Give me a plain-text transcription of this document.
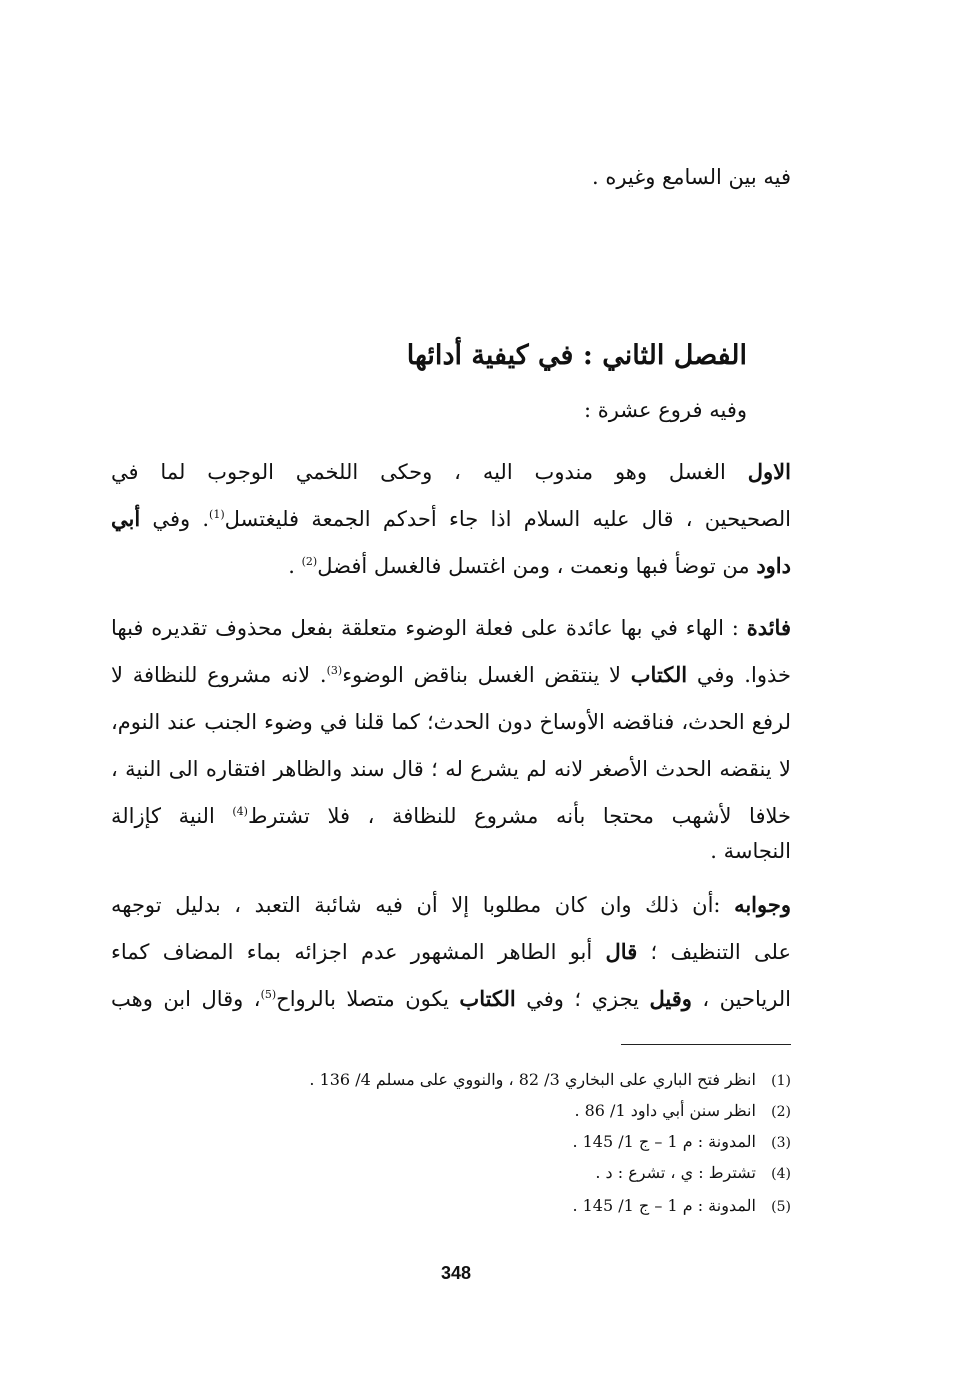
فيه بين السامع وغيره .
الفصل الثاني : في كيفية أدائها
وفيه فروع عشرة :
الاول الغسل وهو مندوب اليه ، وحكى اللخمي الوجوب لما في
الصحيحين ، قال عليه السلام اذا جاء أحدكم الجمعة فليغتسل$^{(1)}$. وفي أبي
داود من توضأ فبها ونعمت ، ومن اغتسل فالغسل أفضل$^{(2)}$ .
فائدة : الهاء في بها عائدة على فعلة الوضوء متعلقة بفعل محذوف تقديره فبها
خذوا. وفي الكتاب لا ينتقض الغسل بناقض الوضوء$^{(3)}$. لانه مشروع للنظافة لا
لرفع الحدث، فناقضه الأوساخ دون الحدث؛ كما قلنا في وضوء الجنب عند النوم،
لا ينقضه الحدث الأصغر لانه لم يشرع له ؛ قال سند والظاهر افتقاره الى النية ،
خلافا لأشهب محتجا بأنه مشروع للنظافة ، فلا تشترط$^{(4)}$ النية كإزالة
النجاسة .
وجوابه :أن ذلك وان كان مطلوبا إلا أن فيه شائبة التعبد ، بدليل توجهه
على التنظيف ؛ قال أبو الطاهر المشهور عدم اجزائه بماء المضاف كماء
الرياحين ، وقيل يجزي ؛ وفي الكتاب يكون متصلا بالرواح$^{(5)}$، وقال ابن وهب
(1) انظر فتح الباري على البخاري 3/ 82 ، والنووي على مسلم 4/ 136 .
(2) انظر سنن أبي داود 1/ 86 .
(3) المدونة : م 1 – ج 1/ 145 .
(4) تشترط : ي ، تشرع : د .
(5) المدونة : م 1 – ج 1/ 145 .
348
